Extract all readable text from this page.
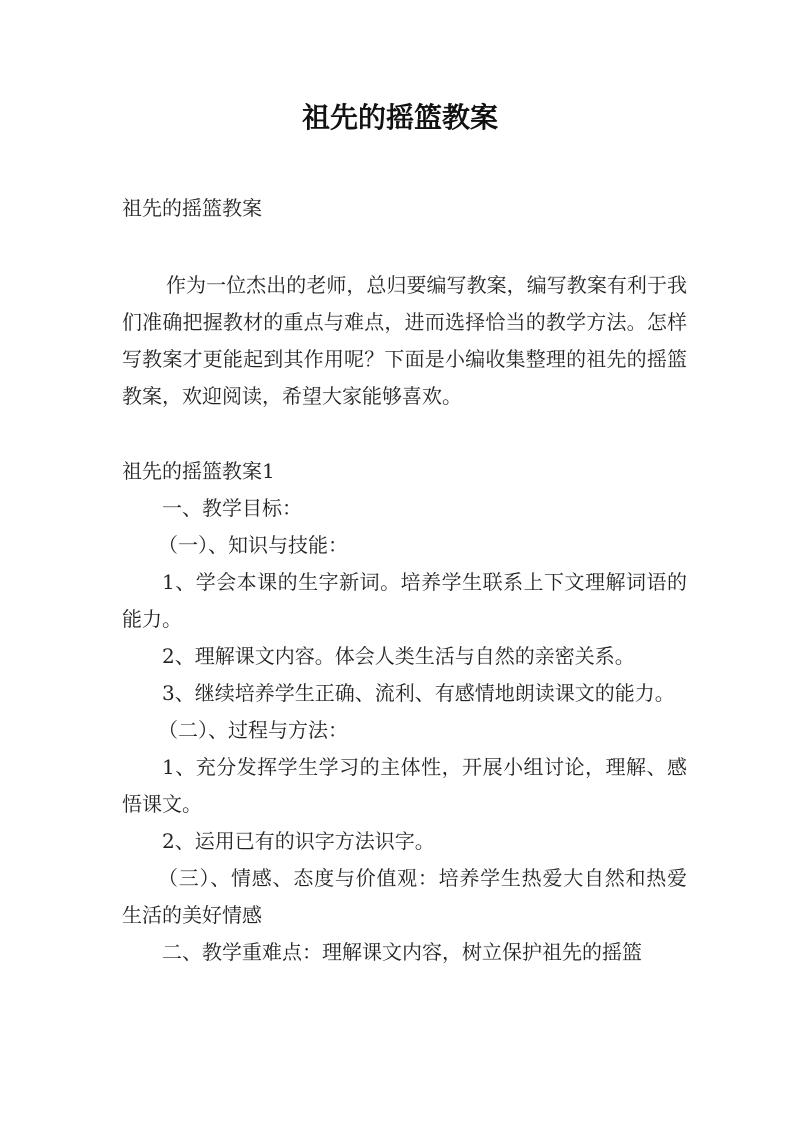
祖先的摇篮教案

祖先的摇篮教案

作为一位杰出的老师，总归要编写教案，编写教案有利于我们准确把握教材的重点与难点，进而选择恰当的教学方法。怎样写教案才更能起到其作用呢？下面是小编收集整理的祖先的摇篮教案，欢迎阅读，希望大家能够喜欢。

祖先的摇篮教案1

一、教学目标：

（一）、知识与技能：

1、学会本课的生字新词。培养学生联系上下文理解词语的能力。

2、理解课文内容。体会人类生活与自然的亲密关系。

3、继续培养学生正确、流利、有感情地朗读课文的能力。

（二）、过程与方法：

1、充分发挥学生学习的主体性，开展小组讨论，理解、感悟课文。

2、运用已有的识字方法识字。

（三）、情感、态度与价值观：培养学生热爱大自然和热爱生活的美好情感

二、教学重难点：理解课文内容，树立保护祖先的摇篮
